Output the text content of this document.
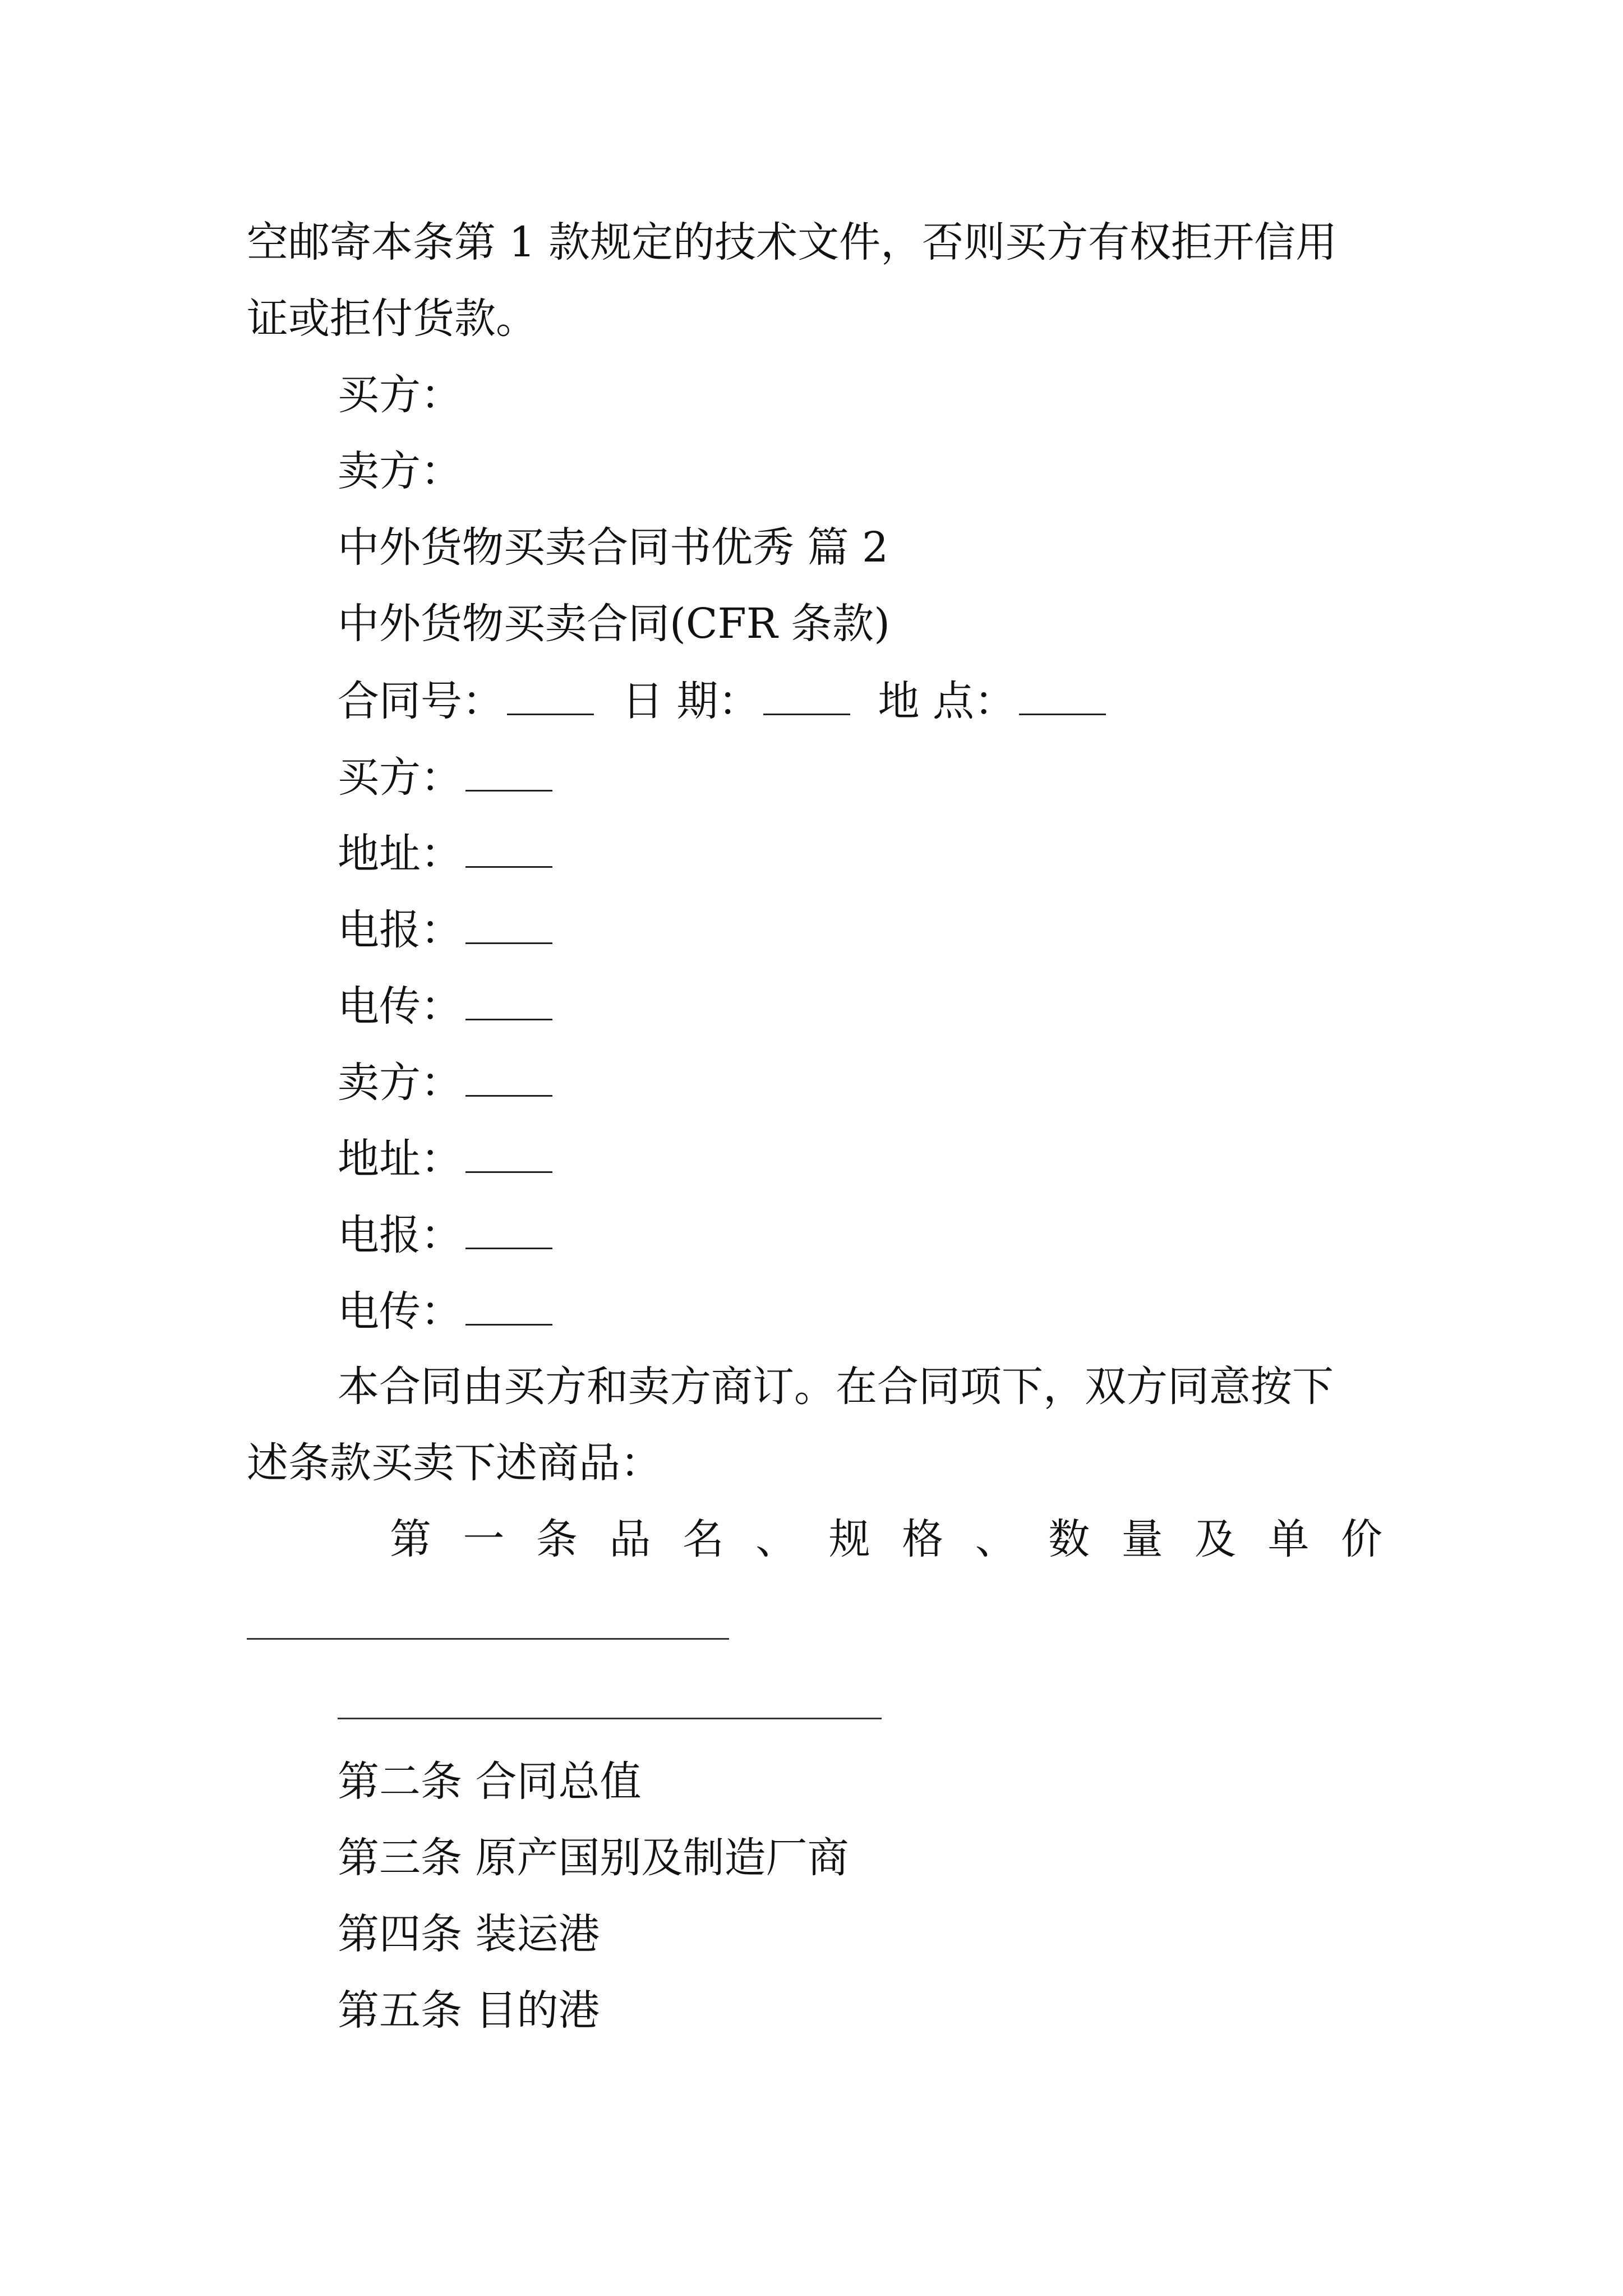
空邮寄本条第 1 款规定的技术文件，否则买方有权拒开信用
证或拒付货款。
买方：
卖方：
中外货物买卖合同书优秀 篇 2
中外货物买卖合同(CFR 条款)
合同号：	日 期：	地 点：
买方：
地址：
电报：
电传：
卖方：
地址：
电报：
电传：
本合同由买方和卖方商订。在合同项下，双方同意按下
述条款买卖下述商品：
第 一 条 品 名 、 规 格 、 数 量 及 单 价
第二条 合同总值
第三条 原产国别及制造厂商
第四条 装运港
第五条 目的港
